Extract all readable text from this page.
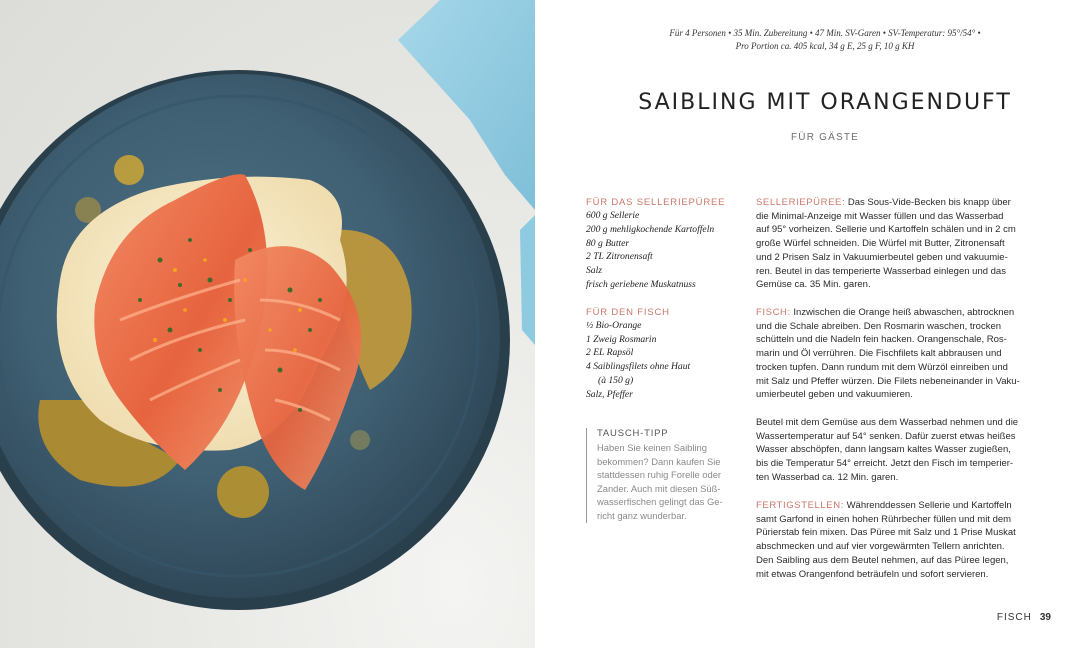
Für 4 Personen • 35 Min. Zubereitung • 47 Min. SV-Garen • SV-Temperatur: 95°/54° •
Pro Portion ca. 405 kcal, 34 g E, 25 g F, 10 g KH
SAIBLING MIT ORANGENDUFT
FÜR GÄSTE
FÜR DAS SELLERIEPÜREE
600 g Sellerie
200 g mehligkochende Kartoffeln
80 g Butter
2 TL Zitronensaft
Salz
frisch geriebene Muskatnuss
FÜR DEN FISCH
½ Bio-Orange
1 Zweig Rosmarin
2 EL Rapsöl
4 Saiblingsfilets ohne Haut
(à 150 g)
Salz, Pfeffer
TAUSCH-TIPP
Haben Sie keinen Saibling
bekommen? Dann kaufen Sie
stattdessen ruhig Forelle oder
Zander. Auch mit diesen Süß-
wasserfischen gelingt das Ge-
richt ganz wunderbar.
SELLERIEPÜREE: Das Sous-Vide-Becken bis knapp über
die Minimal-Anzeige mit Wasser füllen und das Wasserbad
auf 95° vorheizen. Sellerie und Kartoffeln schälen und in 2 cm
große Würfel schneiden. Die Würfel mit Butter, Zitronensaft
und 2 Prisen Salz in Vakuumierbeutel geben und vakuumie-
ren. Beutel in das temperierte Wasserbad einlegen und das
Gemüse ca. 35 Min. garen.
FISCH: Inzwischen die Orange heiß abwaschen, abtrocknen
und die Schale abreiben. Den Rosmarin waschen, trocken
schütteln und die Nadeln fein hacken. Orangenschale, Ros-
marin und Öl verrühren. Die Fischfilets kalt abbrausen und
trocken tupfen. Dann rundum mit dem Würzöl einreiben und
mit Salz und Pfeffer würzen. Die Filets nebeneinander in Vaku-
umierbeutel geben und vakuumieren.
Beutel mit dem Gemüse aus dem Wasserbad nehmen und die
Wassertemperatur auf 54° senken. Dafür zuerst etwas heißes
Wasser abschöpfen, dann langsam kaltes Wasser zugießen,
bis die Temperatur 54° erreicht. Jetzt den Fisch im temperier-
ten Wasserbad ca. 12 Min. garen.
FERTIGSTELLEN: Währenddessen Sellerie und Kartoffeln
samt Garfond in einen hohen Rührbecher füllen und mit dem
Pürierstab fein mixen. Das Püree mit Salz und 1 Prise Muskat
abschmecken und auf vier vorgewärmten Tellern anrichten.
Den Saibling aus dem Beutel nehmen, auf das Püree legen,
mit etwas Orangenfond beträufeln und sofort servieren.
FISCH 39
